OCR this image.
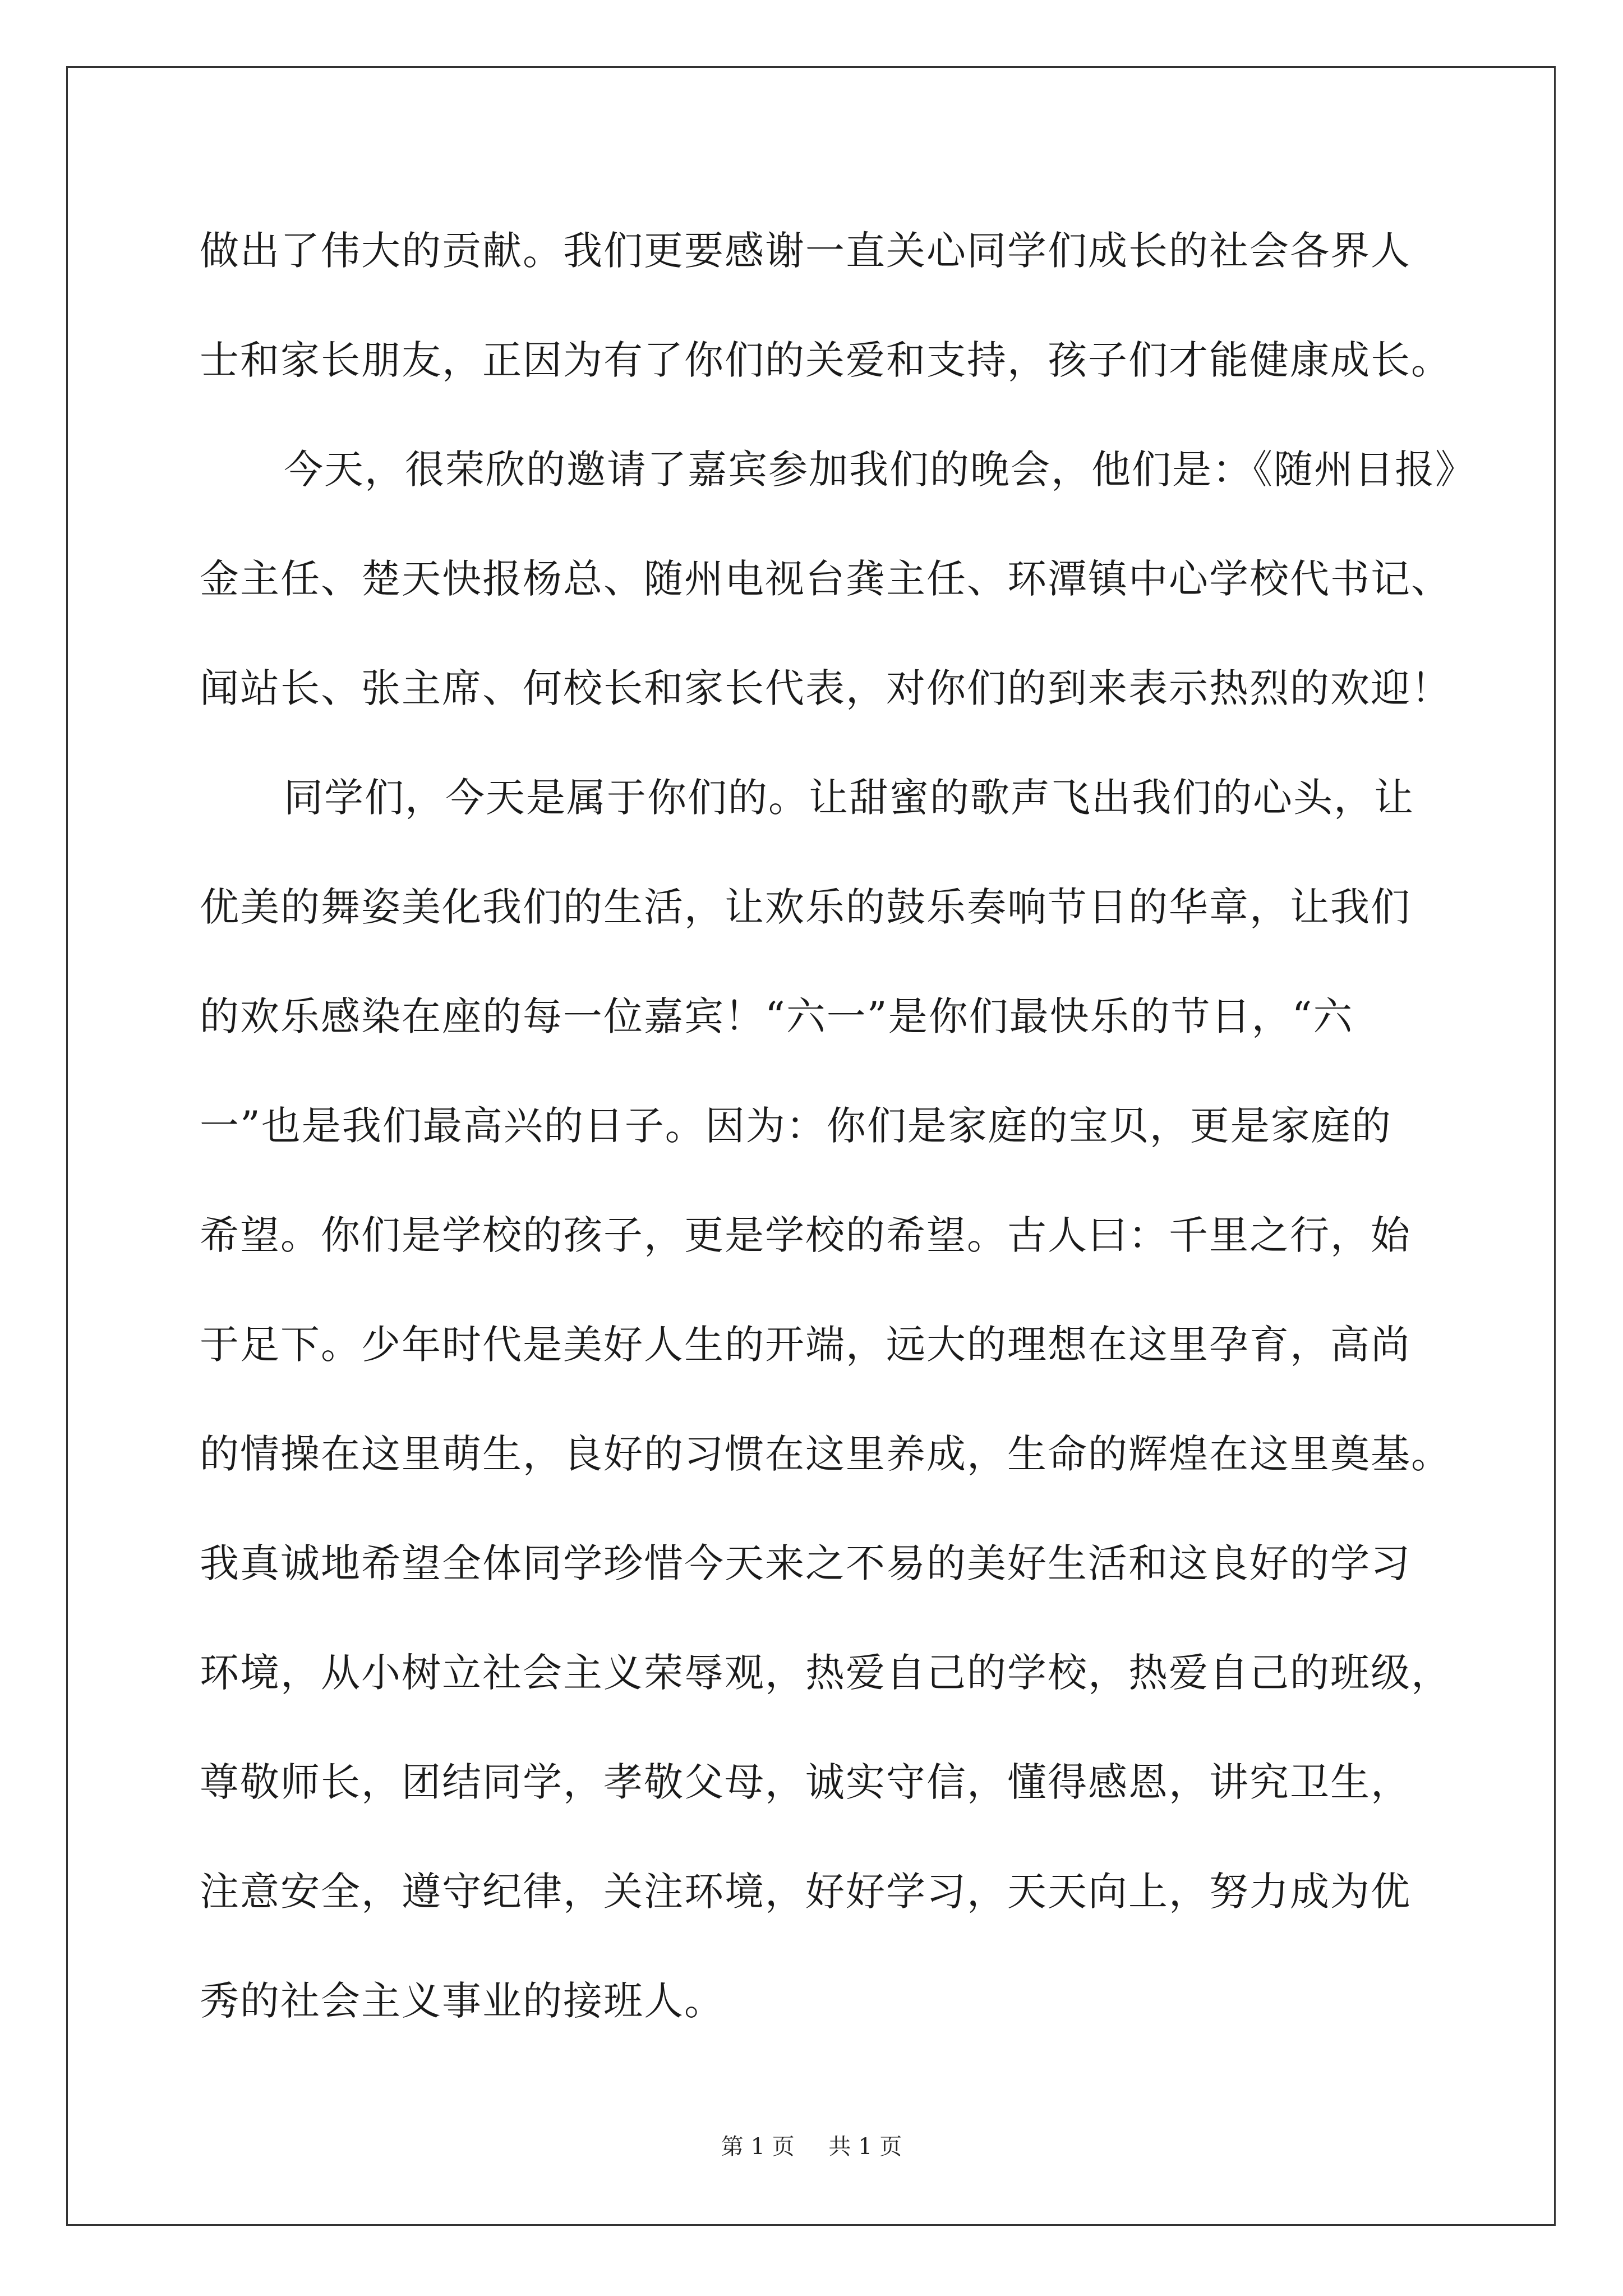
做出了伟大的贡献。我们更要感谢一直关心同学们成长的社会各界人
士和家长朋友，正因为有了你们的关爱和支持，孩子们才能健康成长。
今天，很荣欣的邀请了嘉宾参加我们的晚会，他们是：《随州日报》
金主任、楚天快报杨总、随州电视台龚主任、环潭镇中心学校代书记、
闻站长、张主席、何校长和家长代表，对你们的到来表示热烈的欢迎！
同学们，今天是属于你们的。让甜蜜的歌声飞出我们的心头，让
优美的舞姿美化我们的生活，让欢乐的鼓乐奏响节日的华章，让我们
的欢乐感染在座的每一位嘉宾！“六一”是你们最快乐的节日，“六
一”也是我们最高兴的日子。因为：你们是家庭的宝贝，更是家庭的
希望。你们是学校的孩子，更是学校的希望。古人曰：千里之行，始
于足下。少年时代是美好人生的开端，远大的理想在这里孕育，高尚
的情操在这里萌生，良好的习惯在这里养成，生命的辉煌在这里奠基。
我真诚地希望全体同学珍惜今天来之不易的美好生活和这良好的学习
环境，从小树立社会主义荣辱观，热爱自己的学校，热爱自己的班级，
尊敬师长，团结同学，孝敬父母，诚实守信，懂得感恩，讲究卫生，
注意安全，遵守纪律，关注环境，好好学习，天天向上，努力成为优
秀的社会主义事业的接班人。
第 1 页 共 1 页
